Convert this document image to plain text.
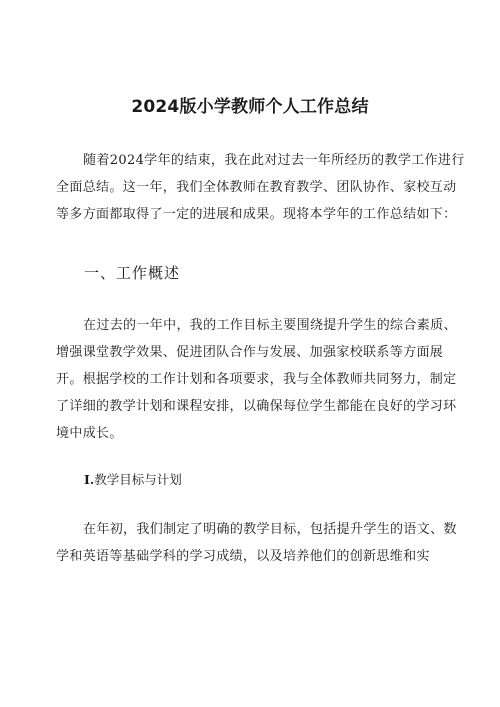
2024版小学教师个人工作总结
随着2024学年的结束，我在此对过去一年所经历的教学工作进行
全面总结。这一年，我们全体教师在教育教学、团队协作、家校互动
等多方面都取得了一定的进展和成果。现将本学年的工作总结如下：
一、工作概述
在过去的一年中，我的工作目标主要围绕提升学生的综合素质、
增强课堂教学效果、促进团队合作与发展、加强家校联系等方面展
开。根据学校的工作计划和各项要求，我与全体教师共同努力，制定
了详细的教学计划和课程安排，以确保每位学生都能在良好的学习环
境中成长。
I.教学目标与计划
在年初，我们制定了明确的教学目标，包括提升学生的语文、数
学和英语等基础学科的学习成绩，以及培养他们的创新思维和实
